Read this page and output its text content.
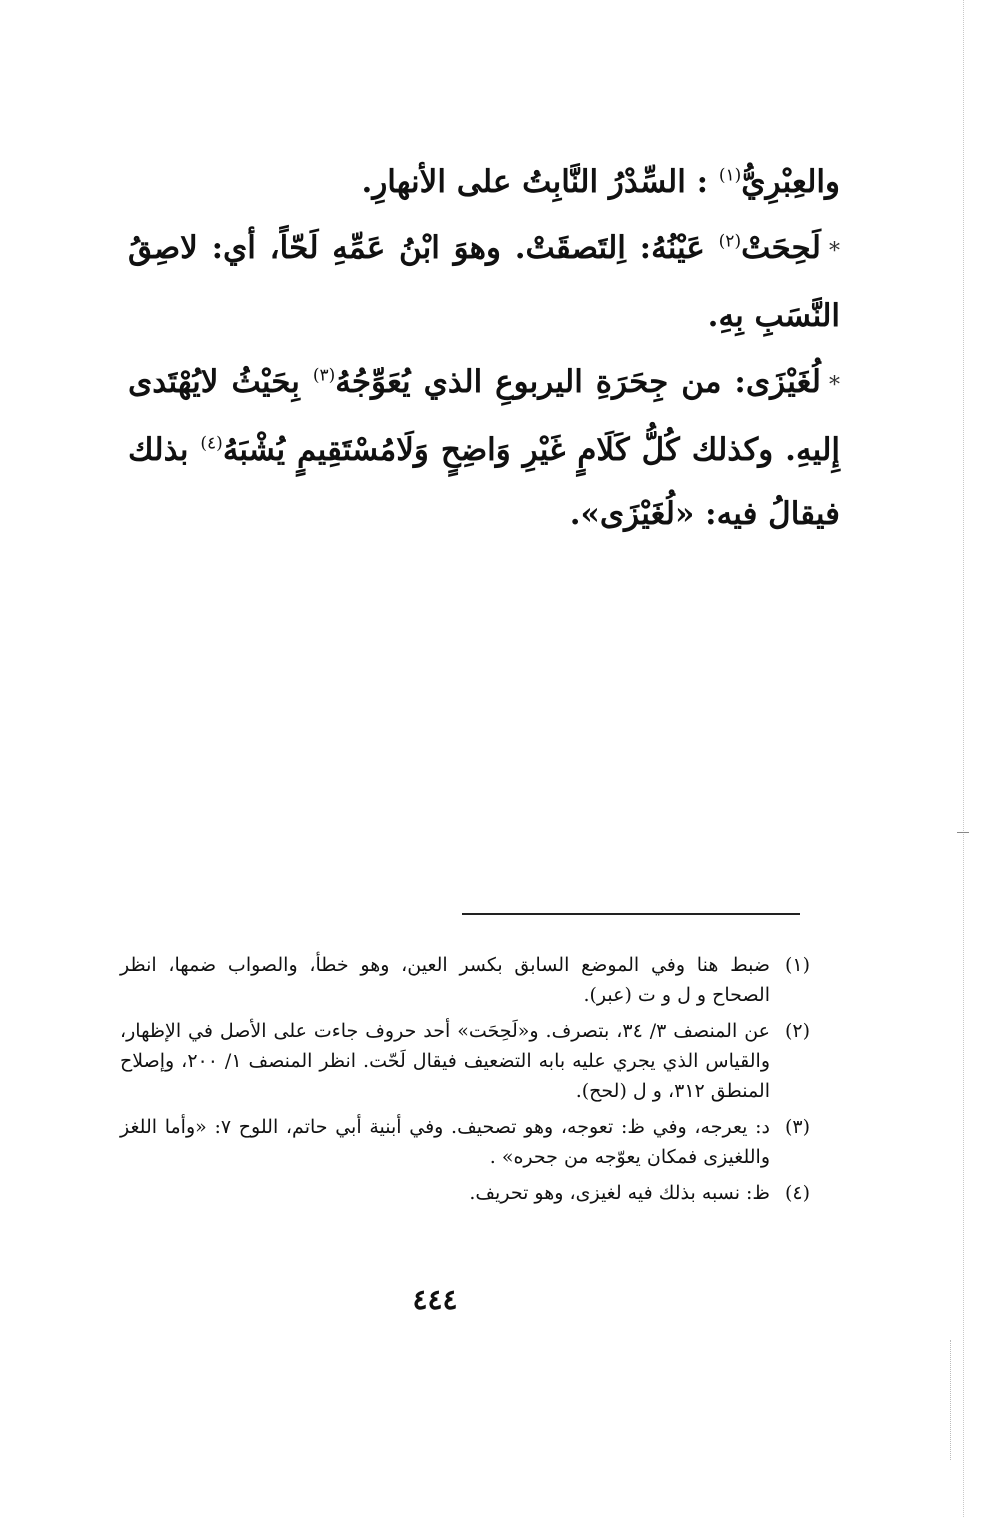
والعِبْرِيُّ$^{(١)}$ : السِّدْرُ النَّابِتُ على الأنهارِ.

*لَحِحَتْ$^{(٢)}$ عَيْنُهُ: اِلتَصقَتْ. وهوَ ابْنُ عَمِّهِ لَحّاً، أي: لاصِقُ النَّسَبِ بِهِ.

*لُغَيْزَى: من جِحَرَةِ اليربوعِ الذي يُعَوِّجُهُ$^{(٣)}$ بِحَيْثُ لايُهْتَدى إِليهِ. وكذلك كُلُّ كَلَامٍ غَيْرِ وَاضِحٍ وَلَامُسْتَقِيمٍ يُشْبَهُ$^{(٤)}$ بذلك فيقالُ فيه: «لُغَيْزَى».

(١)
ضبط هنا وفي الموضع السابق بكسر العين، وهو خطأ، والصواب ضمها، انظر الصحاح و ل و ت (عبر).
(٢)
عن المنصف ٣/ ٣٤، بتصرف. و«لَحِحَت» أحد حروف جاءت على الأصل في الإظهار، والقياس الذي يجري عليه بابه التضعيف فيقال لَحّت. انظر المنصف ١/ ٢٠٠، وإصلاح المنطق ٣١٢، و ل (لحح).
(٣)
د: يعرجه، وفي ظ: تعوجه، وهو تصحيف. وفي أبنية أبي حاتم، اللوح ٧: «وأما اللغز واللغيزى فمكان يعوّجه من جحره» .
(٤)
ظ: نسبه بذلك فيه لغيزى، وهو تحريف.
٤٤٤
